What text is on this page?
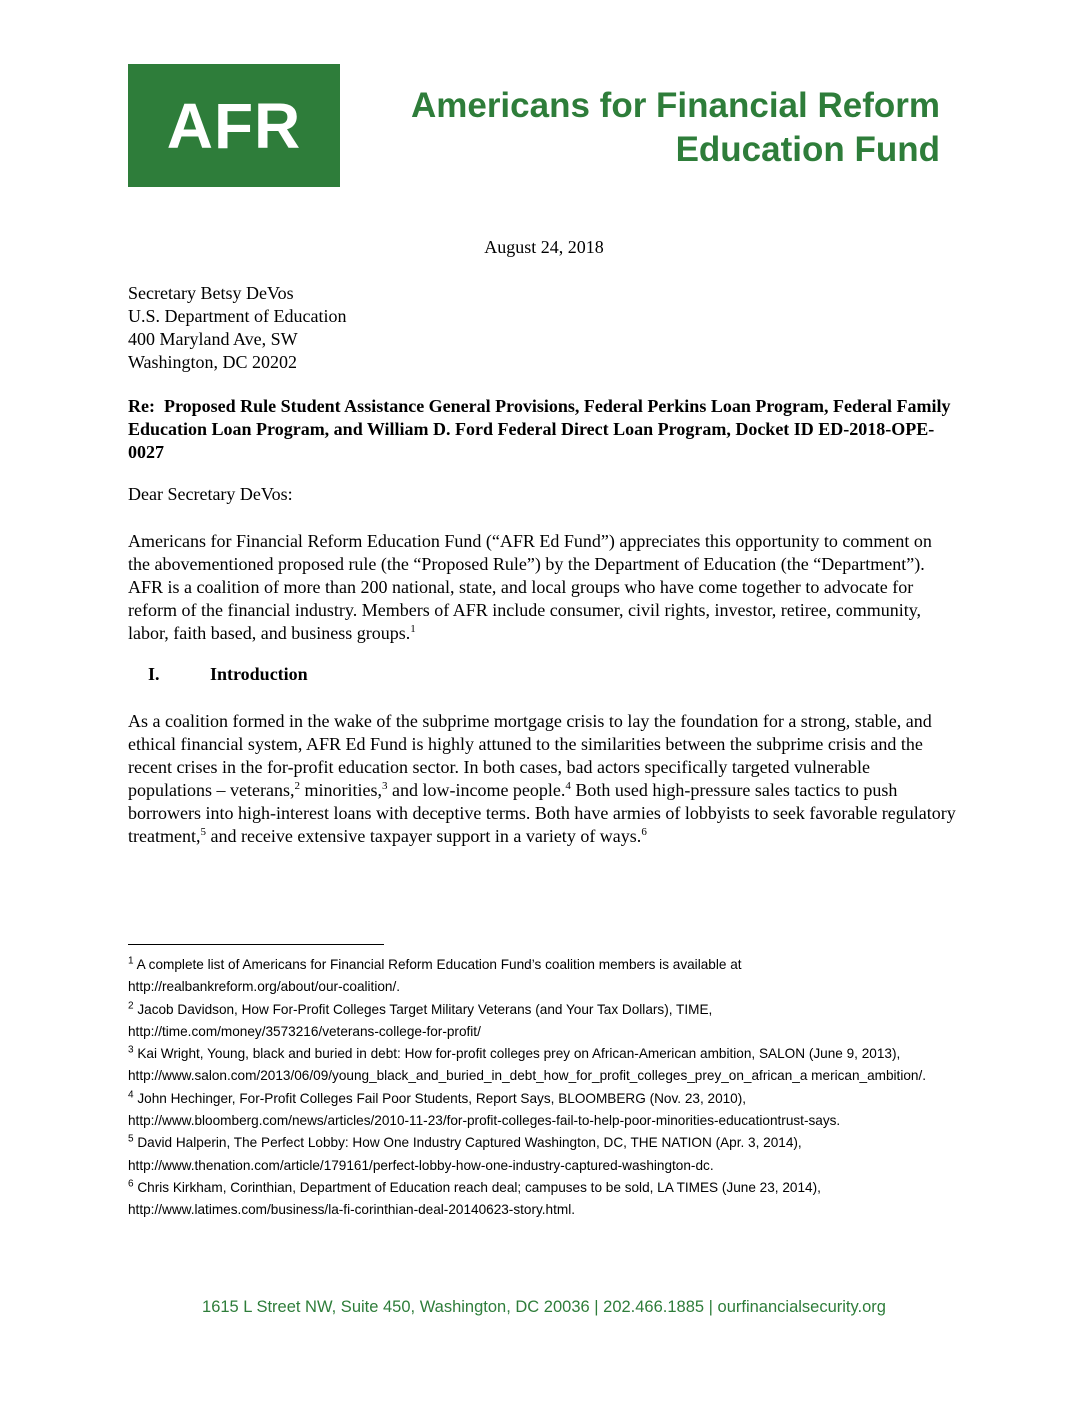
AFR	Americans for Financial Reform
Education Fund
August 24, 2018
Secretary Betsy DeVos
U.S. Department of Education
400 Maryland Ave, SW
Washington, DC 20202
Re: Proposed Rule Student Assistance General Provisions, Federal Perkins Loan Program, Federal Family Education Loan Program, and William D. Ford Federal Direct Loan Program, Docket ID ED-2018-OPE-0027
Dear Secretary DeVos:
Americans for Financial Reform Education Fund (“AFR Ed Fund”) appreciates this opportunity to comment on the abovementioned proposed rule (the “Proposed Rule”) by the Department of Education (the “Department”). AFR is a coalition of more than 200 national, state, and local groups who have come together to advocate for reform of the financial industry. Members of AFR include consumer, civil rights, investor, retiree, community, labor, faith based, and business groups.$^1$
I.	Introduction
As a coalition formed in the wake of the subprime mortgage crisis to lay the foundation for a strong, stable, and ethical financial system, AFR Ed Fund is highly attuned to the similarities between the subprime crisis and the recent crises in the for-profit education sector. In both cases, bad actors specifically targeted vulnerable populations – veterans,$^2$ minorities,$^3$ and low-income people.$^4$ Both used high-pressure sales tactics to push borrowers into high-interest loans with deceptive terms. Both have armies of lobbyists to seek favorable regulatory treatment,$^5$ and receive extensive taxpayer support in a variety of ways.$^6$

$^1$ A complete list of Americans for Financial Reform Education Fund’s coalition members is available at http://realbankreform.org/about/our-coalition/.

$^2$ Jacob Davidson, How For-Profit Colleges Target Military Veterans (and Your Tax Dollars), TIME, http://time.com/money/3573216/veterans-college-for-profit/

$^3$ Kai Wright, Young, black and buried in debt: How for-profit colleges prey on African-American ambition, SALON (June 9, 2013), http://www.salon.com/2013/06/09/young_black_and_buried_in_debt_how_for_profit_colleges_prey_on_african_a merican_ambition/.

$^4$ John Hechinger, For-Profit Colleges Fail Poor Students, Report Says, BLOOMBERG (Nov. 23, 2010), http://www.bloomberg.com/news/articles/2010-11-23/for-profit-colleges-fail-to-help-poor-minorities-educationtrust-says.

$^5$ David Halperin, The Perfect Lobby: How One Industry Captured Washington, DC, THE NATION (Apr. 3, 2014), http://www.thenation.com/article/179161/perfect-lobby-how-one-industry-captured-washington-dc.

$^6$ Chris Kirkham, Corinthian, Department of Education reach deal; campuses to be sold, LA TIMES (June 23, 2014), http://www.latimes.com/business/la-fi-corinthian-deal-20140623-story.html.

1615 L Street NW, Suite 450, Washington, DC 20036 | 202.466.1885 | ourfinancialsecurity.org
